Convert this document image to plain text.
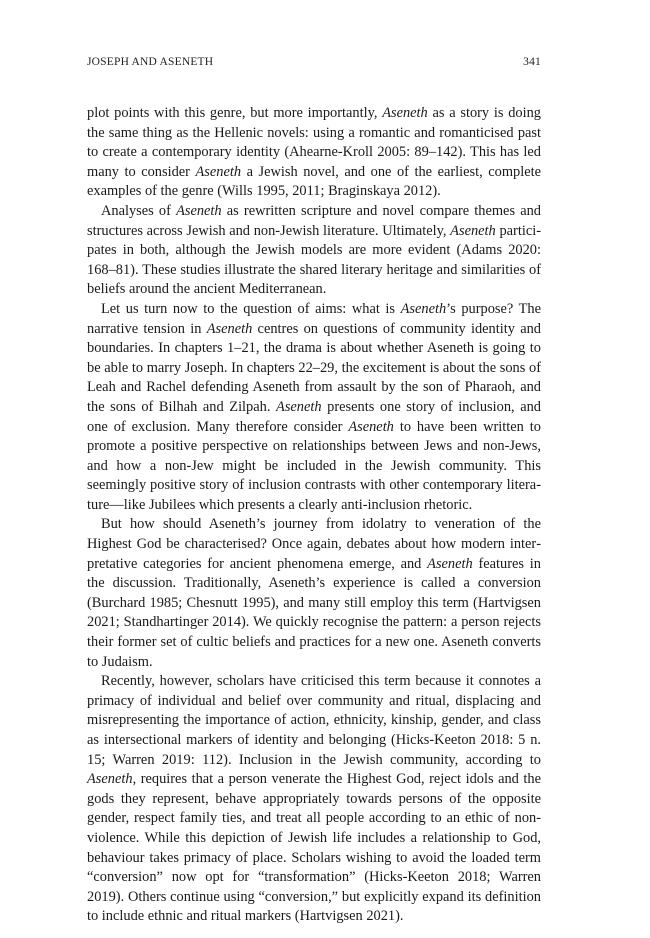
JOSEPH AND ASENETH	341

plot points with this genre, but more importantly, Aseneth as a story is doing the same thing as the Hellenic novels: using a romantic and romanticised past to create a contemporary identity (Ahearne-Kroll 2005: 89–142). This has led many to consider Aseneth a Jewish novel, and one of the earliest, complete examples of the genre (Wills 1995, 2011; Braginskaya 2012).

Analyses of Aseneth as rewritten scripture and novel compare themes and structures across Jewish and non-Jewish literature. Ultimately, Aseneth participates in both, although the Jewish models are more evident (Adams 2020: 168–81). These studies illustrate the shared literary heritage and similarities of beliefs around the ancient Mediterranean.

Let us turn now to the question of aims: what is Aseneth’s purpose? The narrative tension in Aseneth centres on questions of community identity and boundaries. In chapters 1–21, the drama is about whether Aseneth is going to be able to marry Joseph. In chapters 22–29, the excitement is about the sons of Leah and Rachel defending Aseneth from assault by the son of Pharaoh, and the sons of Bilhah and Zilpah. Aseneth presents one story of inclusion, and one of exclusion. Many therefore consider Aseneth to have been written to promote a positive perspective on relationships between Jews and non-Jews, and how a non-Jew might be included in the Jewish community. This seemingly positive story of inclusion contrasts with other contemporary literature—like Jubilees which presents a clearly anti-inclusion rhetoric.

But how should Aseneth’s journey from idolatry to veneration of the Highest God be characterised? Once again, debates about how modern interpretative categories for ancient phenomena emerge, and Aseneth features in the discussion. Traditionally, Aseneth’s experience is called a conversion (Burchard 1985; Chesnutt 1995), and many still employ this term (Hartvigsen 2021; Standhartinger 2014). We quickly recognise the pattern: a person rejects their former set of cultic beliefs and practices for a new one. Aseneth converts to Judaism.

Recently, however, scholars have criticised this term because it connotes a primacy of individual and belief over community and ritual, displacing and misrepresenting the importance of action, ethnicity, kinship, gender, and class as intersectional markers of identity and belonging (Hicks-Keeton 2018: 5 n. 15; Warren 2019: 112). Inclusion in the Jewish community, according to Aseneth, requires that a person venerate the Highest God, reject idols and the gods they represent, behave appropriately towards persons of the opposite gender, respect family ties, and treat all people according to an ethic of non-violence. While this depiction of Jewish life includes a relationship to God, behaviour takes primacy of place. Scholars wishing to avoid the loaded term “conversion” now opt for “transformation” (Hicks-Keeton 2018; Warren 2019). Others continue using “conversion,” but explicitly expand its definition to include ethnic and ritual markers (Hartvigsen 2021).
